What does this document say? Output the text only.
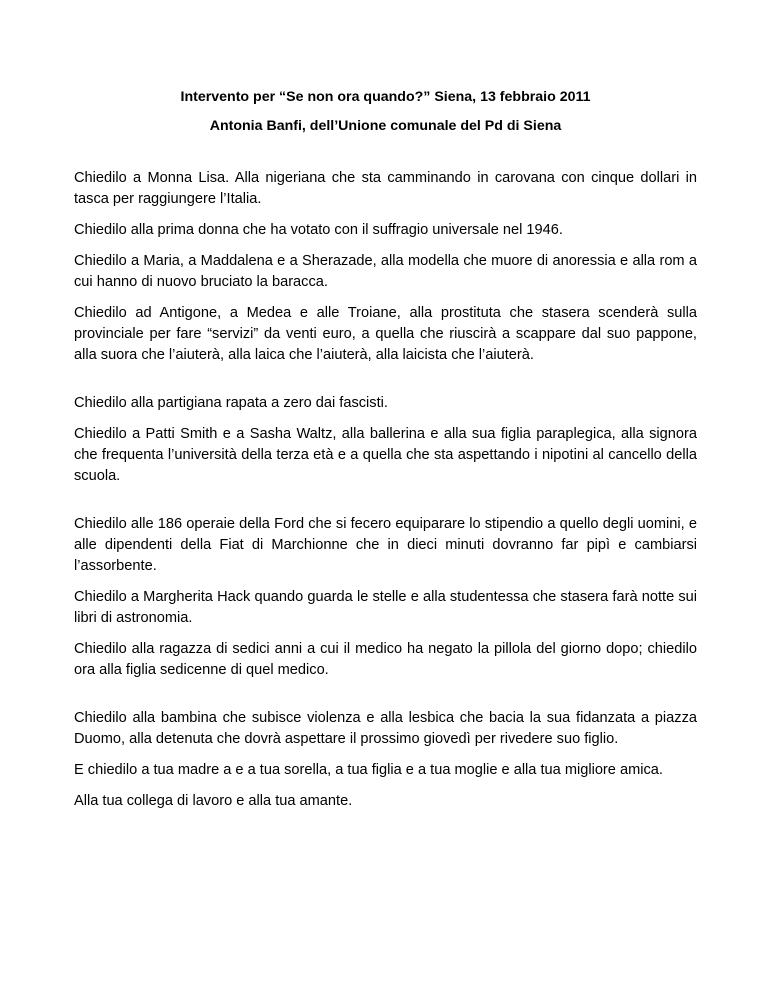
Intervento per “Se non ora quando?” Siena, 13 febbraio 2011

Antonia Banfi, dell’Unione comunale del Pd di Siena

Chiedilo a Monna Lisa. Alla nigeriana che sta camminando in carovana con cinque dollari in tasca per raggiungere l’Italia.

Chiedilo alla prima donna che ha votato con il suffragio universale nel 1946.

Chiedilo a Maria, a Maddalena e a Sherazade, alla modella che muore di anoressia e alla rom a cui hanno di nuovo bruciato la baracca.

Chiedilo ad Antigone, a Medea e alle Troiane, alla prostituta che stasera scenderà sulla provinciale per fare “servizi” da venti euro, a quella che riuscirà a scappare dal suo pappone, alla suora che l’aiuterà, alla laica che l’aiuterà, alla laicista che l’aiuterà.

Chiedilo alla partigiana rapata a zero dai fascisti.

Chiedilo a Patti Smith e a Sasha Waltz, alla ballerina e alla sua figlia paraplegica, alla signora che frequenta l’università della terza età e a quella che sta aspettando i nipotini al cancello della scuola.

Chiedilo alle 186 operaie della Ford che si fecero equiparare lo stipendio a quello degli uomini, e alle dipendenti della Fiat di Marchionne che in dieci minuti dovranno far pipì e cambiarsi l’assorbente.

Chiedilo a Margherita Hack quando guarda le stelle e alla studentessa che stasera farà notte sui libri di astronomia.

Chiedilo alla ragazza di sedici anni a cui il medico ha negato la pillola del giorno dopo; chiedilo ora alla figlia sedicenne di quel medico.

Chiedilo alla bambina che subisce violenza e alla lesbica che bacia la sua fidanzata a piazza Duomo, alla detenuta che dovrà aspettare il prossimo giovedì per rivedere suo figlio.

E chiedilo a tua madre a e a tua sorella, a tua figlia e a tua moglie e alla tua migliore amica.

Alla tua collega di lavoro e alla tua amante.
